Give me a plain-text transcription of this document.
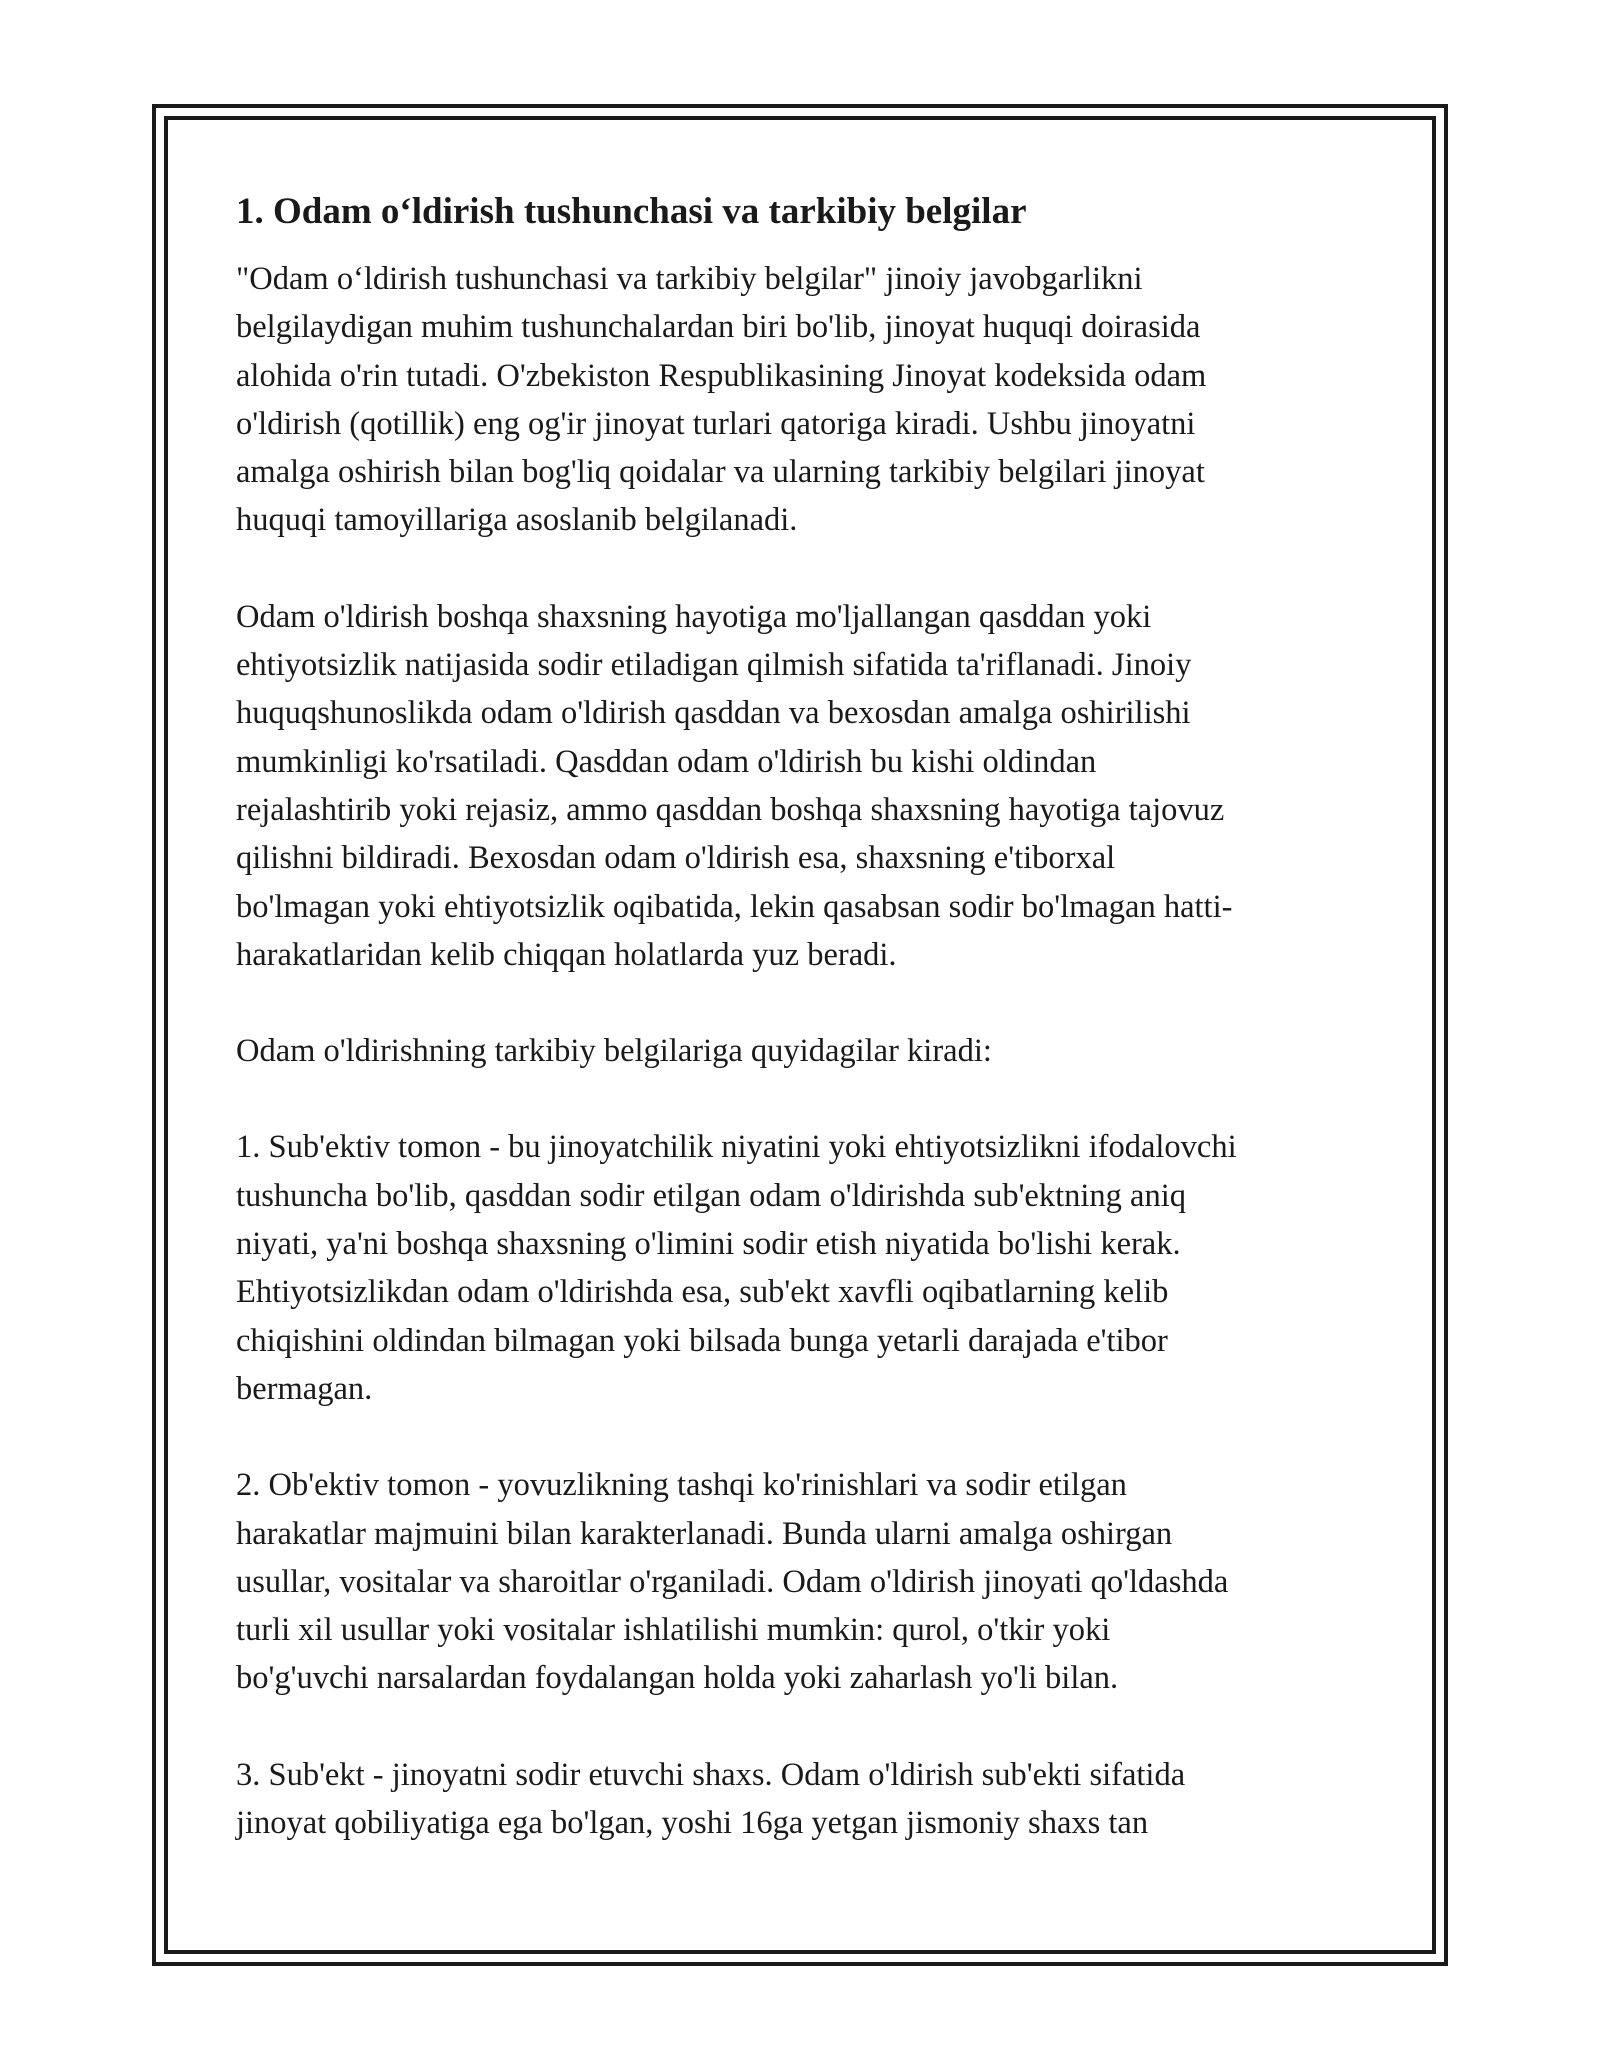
1. Odam o‘ldirish tushunchasi va tarkibiy belgilar

"Odam o‘ldirish tushunchasi va tarkibiy belgilar" jinoiy javobgarlikni
belgilaydigan muhim tushunchalardan biri bo'lib, jinoyat huquqi doirasida
alohida o'rin tutadi. O'zbekiston Respublikasining Jinoyat kodeksida odam
o'ldirish (qotillik) eng og'ir jinoyat turlari qatoriga kiradi. Ushbu jinoyatni
amalga oshirish bilan bog'liq qoidalar va ularning tarkibiy belgilari jinoyat
huquqi tamoyillariga asoslanib belgilanadi.

Odam o'ldirish boshqa shaxsning hayotiga mo'ljallangan qasddan yoki
ehtiyotsizlik natijasida sodir etiladigan qilmish sifatida ta'riflanadi. Jinoiy
huquqshunoslikda odam o'ldirish qasddan va bexosdan amalga oshirilishi
mumkinligi ko'rsatiladi. Qasddan odam o'ldirish bu kishi oldindan
rejalashtirib yoki rejasiz, ammo qasddan boshqa shaxsning hayotiga tajovuz
qilishni bildiradi. Bexosdan odam o'ldirish esa, shaxsning e'tiborxal
bo'lmagan yoki ehtiyotsizlik oqibatida, lekin qasabsan sodir bo'lmagan hatti-
harakatlaridan kelib chiqqan holatlarda yuz beradi.

Odam o'ldirishning tarkibiy belgilariga quyidagilar kiradi:

1. Sub'ektiv tomon - bu jinoyatchilik niyatini yoki ehtiyotsizlikni ifodalovchi
tushuncha bo'lib, qasddan sodir etilgan odam o'ldirishda sub'ektning aniq
niyati, ya'ni boshqa shaxsning o'limini sodir etish niyatida bo'lishi kerak.
Ehtiyotsizlikdan odam o'ldirishda esa, sub'ekt xavfli oqibatlarning kelib
chiqishini oldindan bilmagan yoki bilsada bunga yetarli darajada e'tibor
bermagan.

2. Ob'ektiv tomon - yovuzlikning tashqi ko'rinishlari va sodir etilgan
harakatlar majmuini bilan karakterlanadi. Bunda ularni amalga oshirgan
usullar, vositalar va sharoitlar o'rganiladi. Odam o'ldirish jinoyati qo'ldashda
turli xil usullar yoki vositalar ishlatilishi mumkin: qurol, o'tkir yoki
bo'g'uvchi narsalardan foydalangan holda yoki zaharlash yo'li bilan.

3. Sub'ekt - jinoyatni sodir etuvchi shaxs. Odam o'ldirish sub'ekti sifatida
jinoyat qobiliyatiga ega bo'lgan, yoshi 16ga yetgan jismoniy shaxs tan
